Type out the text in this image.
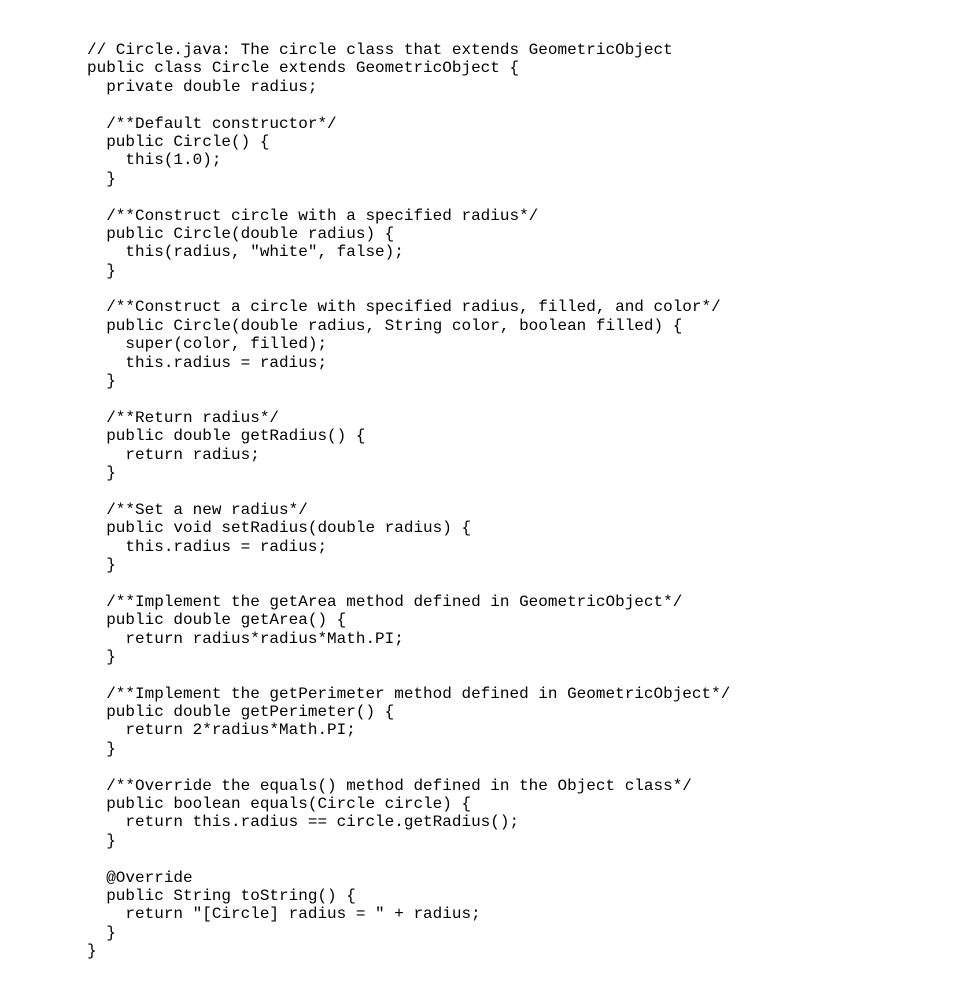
// Circle.java: The circle class that extends GeometricObject
public class Circle extends GeometricObject {
private double radius;
/**Default constructor*/
public Circle() {
this(1.0);
}
/**Construct circle with a specified radius*/
public Circle(double radius) {
this(radius, "white", false);
}
/**Construct a circle with specified radius, filled, and color*/
public Circle(double radius, String color, boolean filled) {
super(color, filled);
this.radius = radius;
}
/**Return radius*/
public double getRadius() {
return radius;
}
/**Set a new radius*/
public void setRadius(double radius) {
this.radius = radius;
}
/**Implement the getArea method defined in GeometricObject*/
public double getArea() {
return radius*radius*Math.PI;
}
/**Implement the getPerimeter method defined in GeometricObject*/
public double getPerimeter() {
return 2*radius*Math.PI;
}
/**Override the equals() method defined in the Object class*/
public boolean equals(Circle circle) {
return this.radius == circle.getRadius();
}
@Override
public String toString() {
return "[Circle] radius = " + radius;
}
}
